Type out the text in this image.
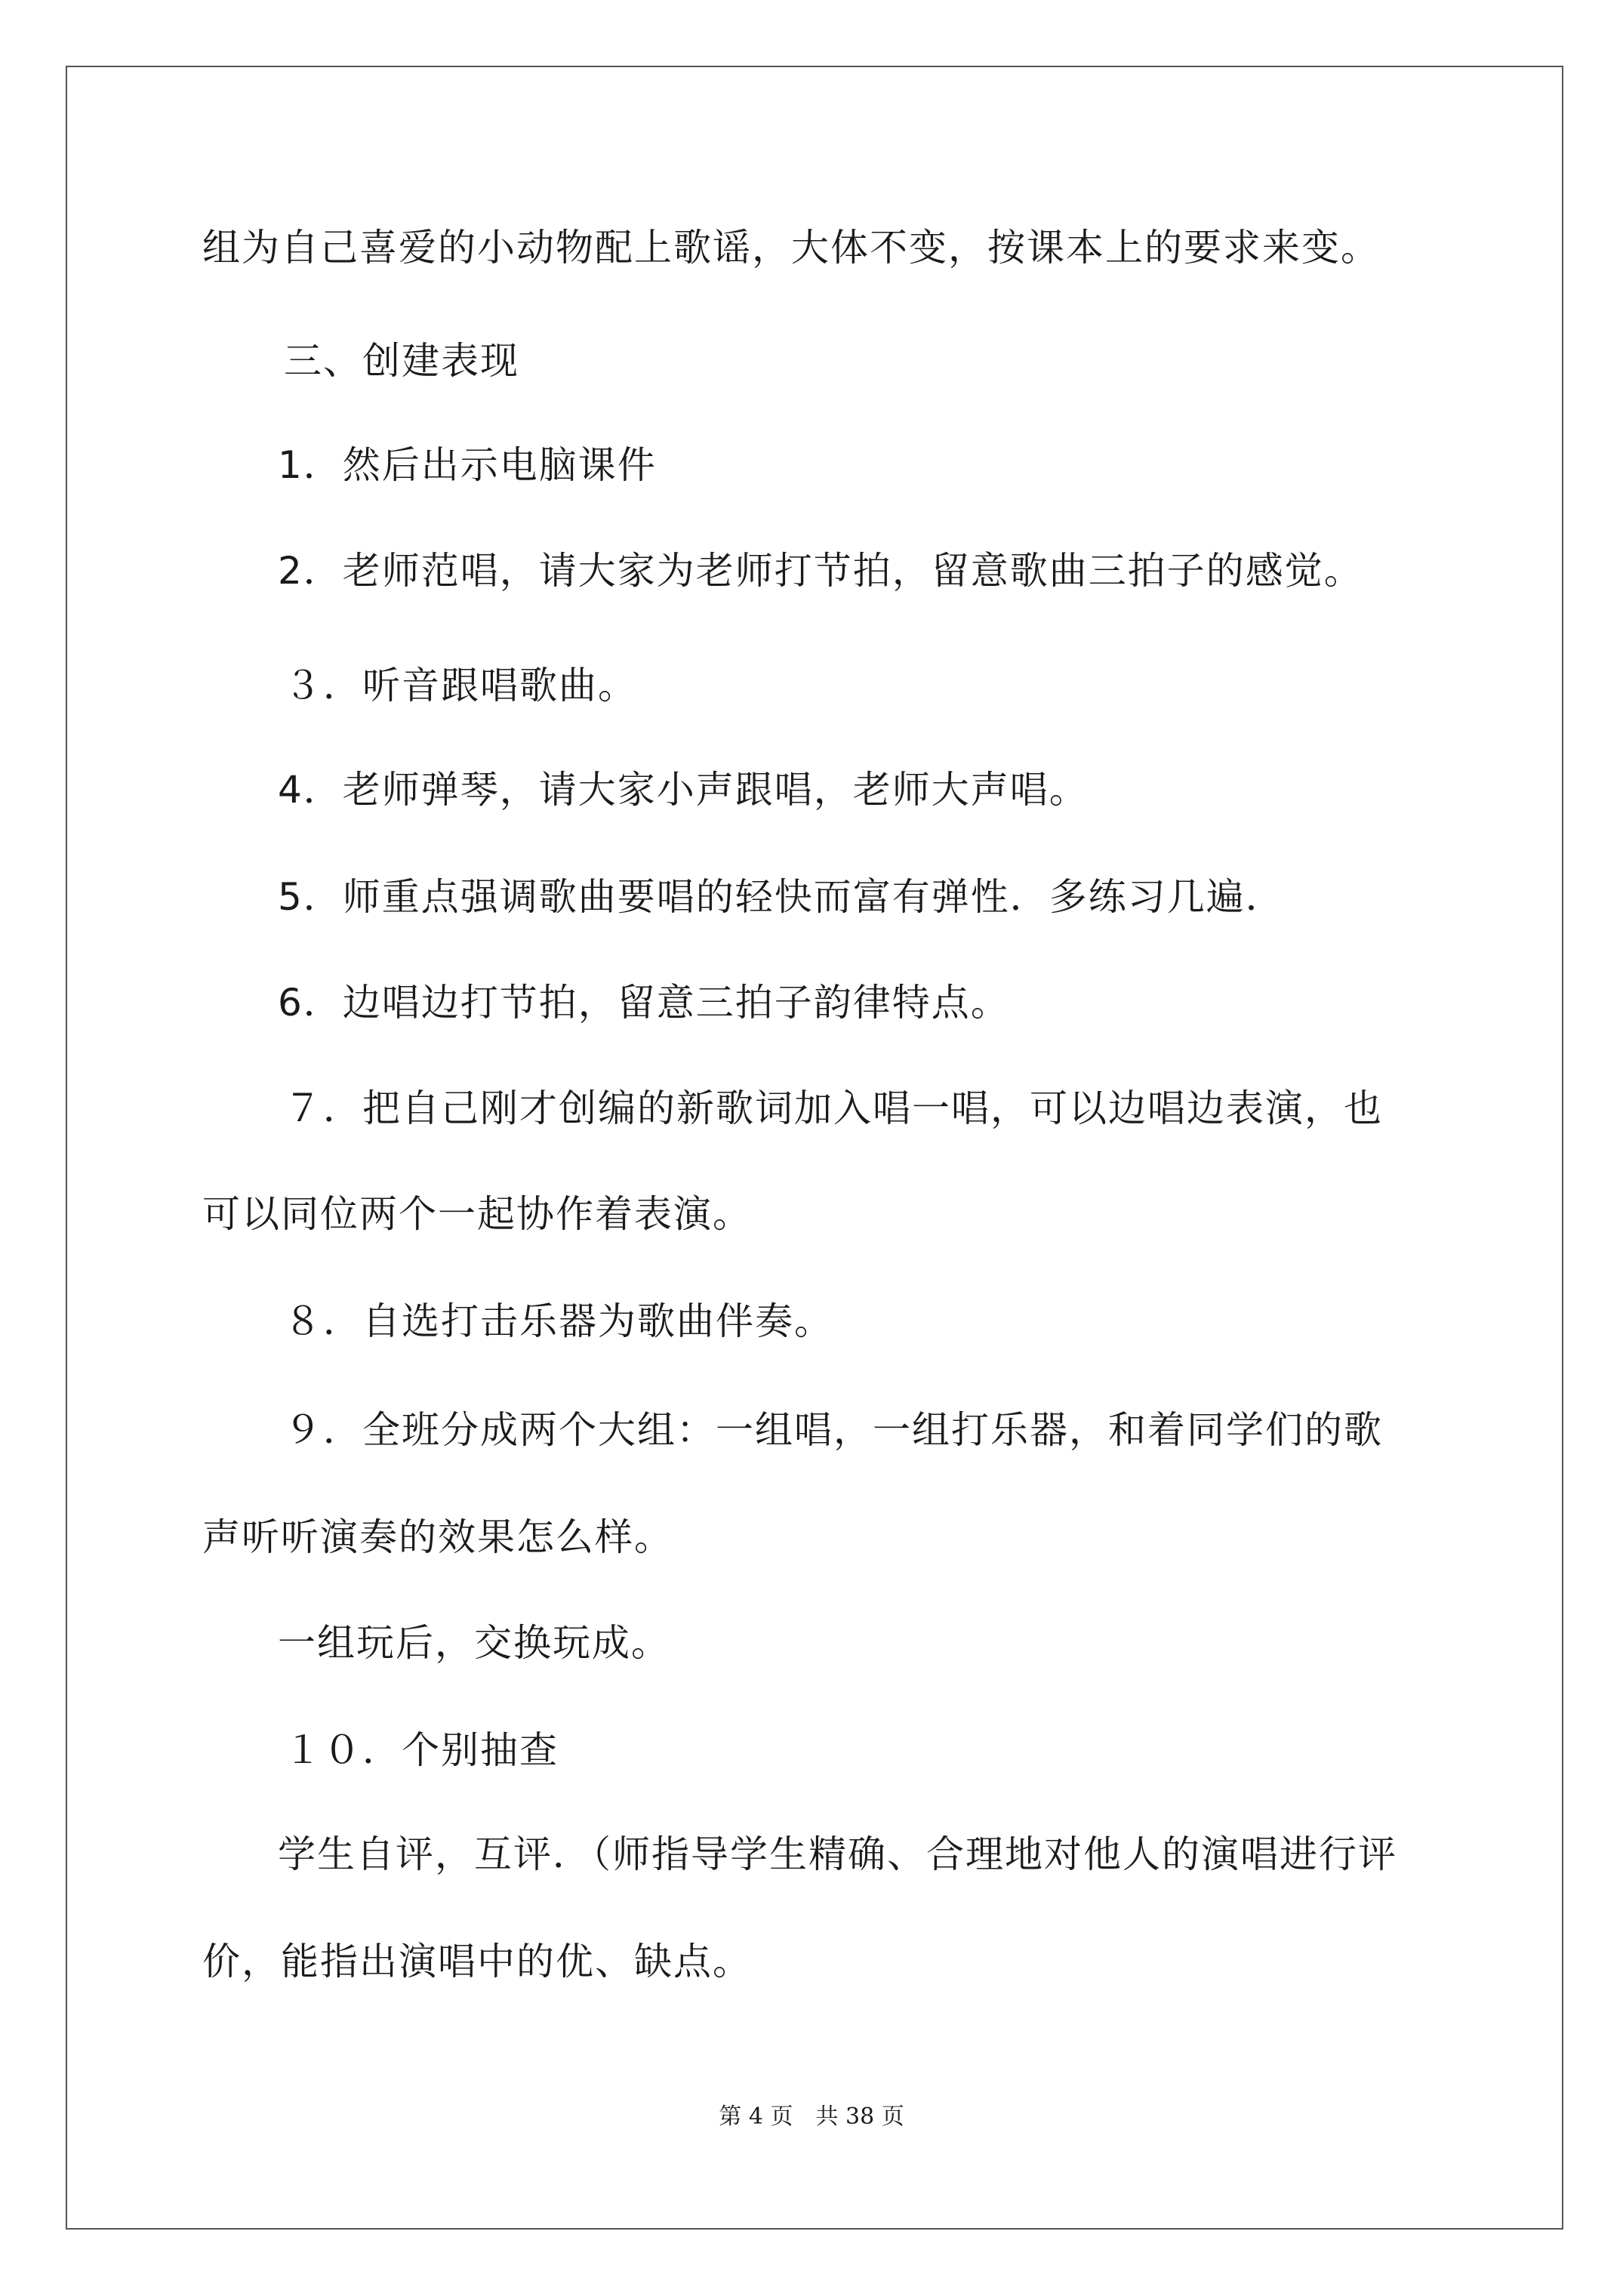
组为自己喜爱的小动物配上歌谣，大体不变，按课本上的要求来变。
三、创建表现
1．然后出示电脑课件
2．老师范唱，请大家为老师打节拍，留意歌曲三拍子的感觉。
３．听音跟唱歌曲。
4．老师弹琴，请大家小声跟唱，老师大声唱。
5．师重点强调歌曲要唱的轻快而富有弹性．多练习几遍．
6．边唱边打节拍，留意三拍子韵律特点。
７．把自己刚才创编的新歌词加入唱一唱，可以边唱边表演，也
可以同位两个一起协作着表演。
８．自选打击乐器为歌曲伴奏。
９．全班分成两个大组：一组唱，一组打乐器，和着同学们的歌
声听听演奏的效果怎么样。
一组玩后，交换玩成。
１０．个别抽查
学生自评，互评．（师指导学生精确、合理地对他人的演唱进行评
价，能指出演唱中的优、缺点。
第 4 页　共 38 页
